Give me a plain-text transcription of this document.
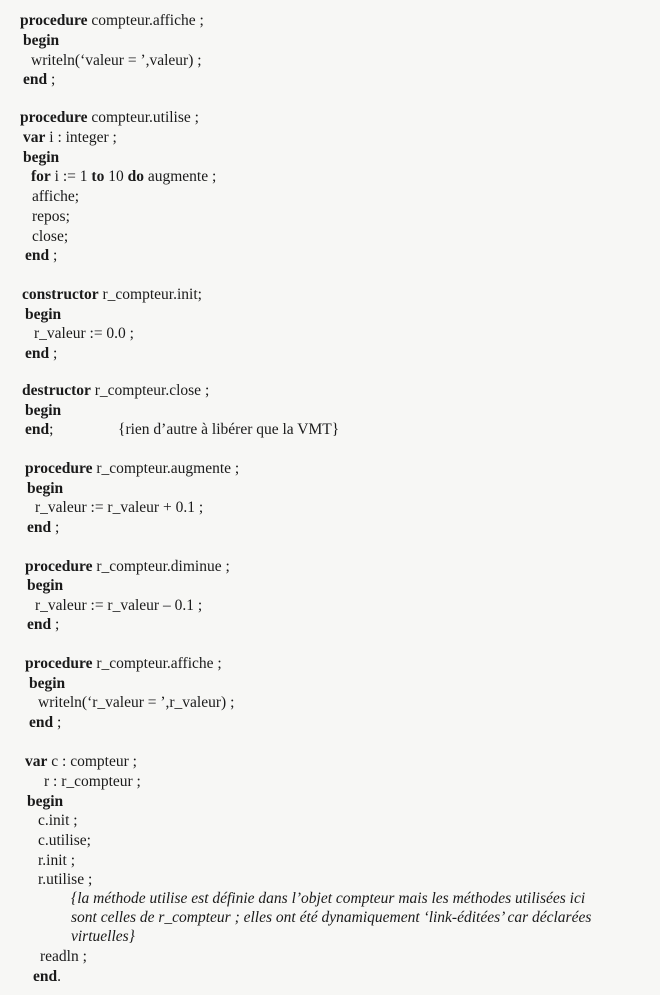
procedure compteur.affiche ;
begin
writeln(‘valeur = ’,valeur) ;
end ;
procedure compteur.utilise ;
var i : integer ;
begin
for i := 1 to 10 do augmente ;
affiche;
repos;
close;
end ;
constructor r_compteur.init;
begin
r_valeur := 0.0 ;
end ;
destructor r_compteur.close ;
begin
end;	{rien d’autre à libérer que la VMT}
procedure r_compteur.augmente ;
begin
r_valeur := r_valeur + 0.1 ;
end ;
procedure r_compteur.diminue ;
begin
r_valeur := r_valeur – 0.1 ;
end ;
procedure r_compteur.affiche ;
begin
writeln(‘r_valeur = ’,r_valeur) ;
end ;
var c : compteur ;
r : r_compteur ;
begin
c.init ;
c.utilise;
r.init ;
r.utilise ;
{la méthode utilise est définie dans l’objet compteur mais les méthodes utilisées ici
sont celles de r_compteur ; elles ont été dynamiquement ‘link-éditées’ car déclarées
virtuelles}
readln ;
end.
